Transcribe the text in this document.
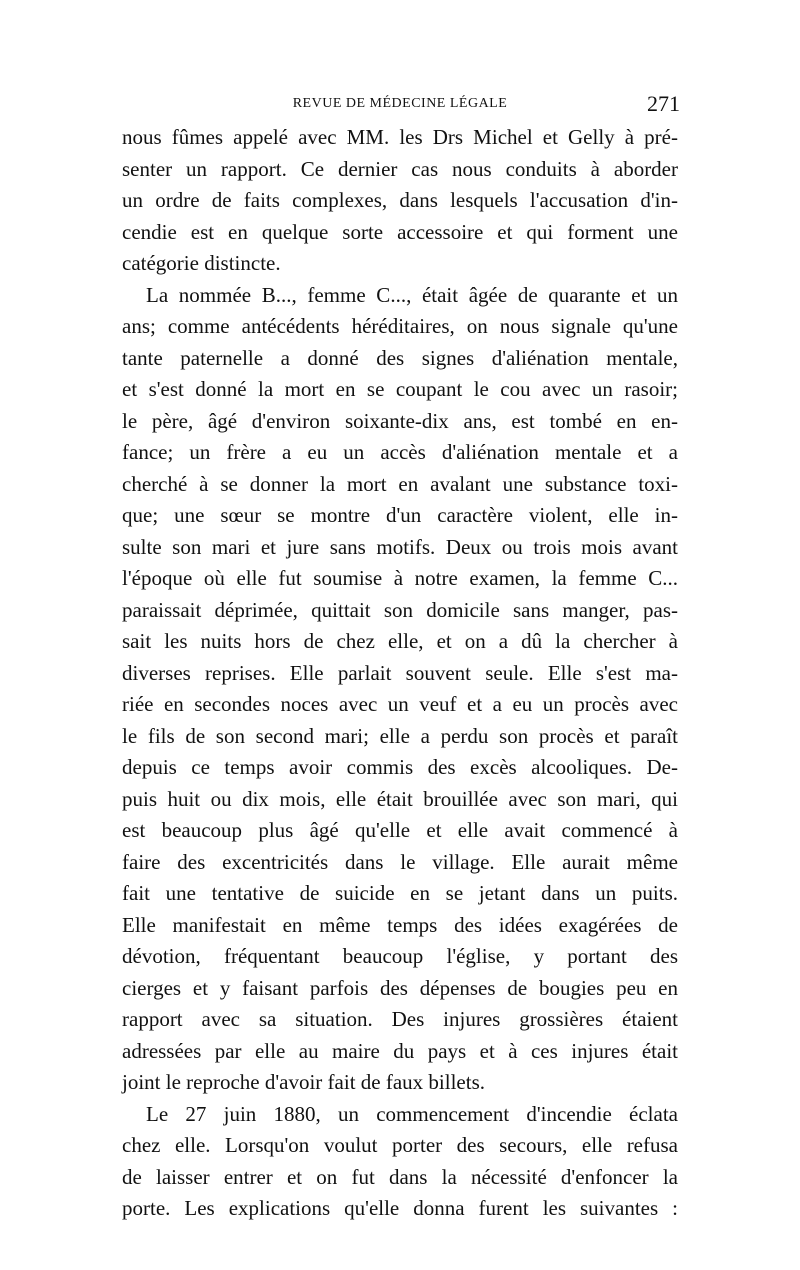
REVUE DE MÉDECINE LÉGALE	271
nous fûmes appelé avec MM. les Drs Michel et Gelly à pré-
senter un rapport. Ce dernier cas nous conduits à aborder
un ordre de faits complexes, dans lesquels l'accusation d'in-
cendie est en quelque sorte accessoire et qui forment une
catégorie distincte.
La nommée B..., femme C..., était âgée de quarante et un
ans; comme antécédents héréditaires, on nous signale qu'une
tante paternelle a donné des signes d'aliénation mentale,
et s'est donné la mort en se coupant le cou avec un rasoir;
le père, âgé d'environ soixante-dix ans, est tombé en en-
fance; un frère a eu un accès d'aliénation mentale et a
cherché à se donner la mort en avalant une substance toxi-
que; une sœur se montre d'un caractère violent, elle in-
sulte son mari et jure sans motifs. Deux ou trois mois avant
l'époque où elle fut soumise à notre examen, la femme C...
paraissait déprimée, quittait son domicile sans manger, pas-
sait les nuits hors de chez elle, et on a dû la chercher à
diverses reprises. Elle parlait souvent seule. Elle s'est ma-
riée en secondes noces avec un veuf et a eu un procès avec
le fils de son second mari; elle a perdu son procès et paraît
depuis ce temps avoir commis des excès alcooliques. De-
puis huit ou dix mois, elle était brouillée avec son mari, qui
est beaucoup plus âgé qu'elle et elle avait commencé à
faire des excentricités dans le village. Elle aurait même
fait une tentative de suicide en se jetant dans un puits.
Elle manifestait en même temps des idées exagérées de
dévotion, fréquentant beaucoup l'église, y portant des
cierges et y faisant parfois des dépenses de bougies peu en
rapport avec sa situation. Des injures grossières étaient
adressées par elle au maire du pays et à ces injures était
joint le reproche d'avoir fait de faux billets.
Le 27 juin 1880, un commencement d'incendie éclata
chez elle. Lorsqu'on voulut porter des secours, elle refusa
de laisser entrer et on fut dans la nécessité d'enfoncer la
porte. Les explications qu'elle donna furent les suivantes :
